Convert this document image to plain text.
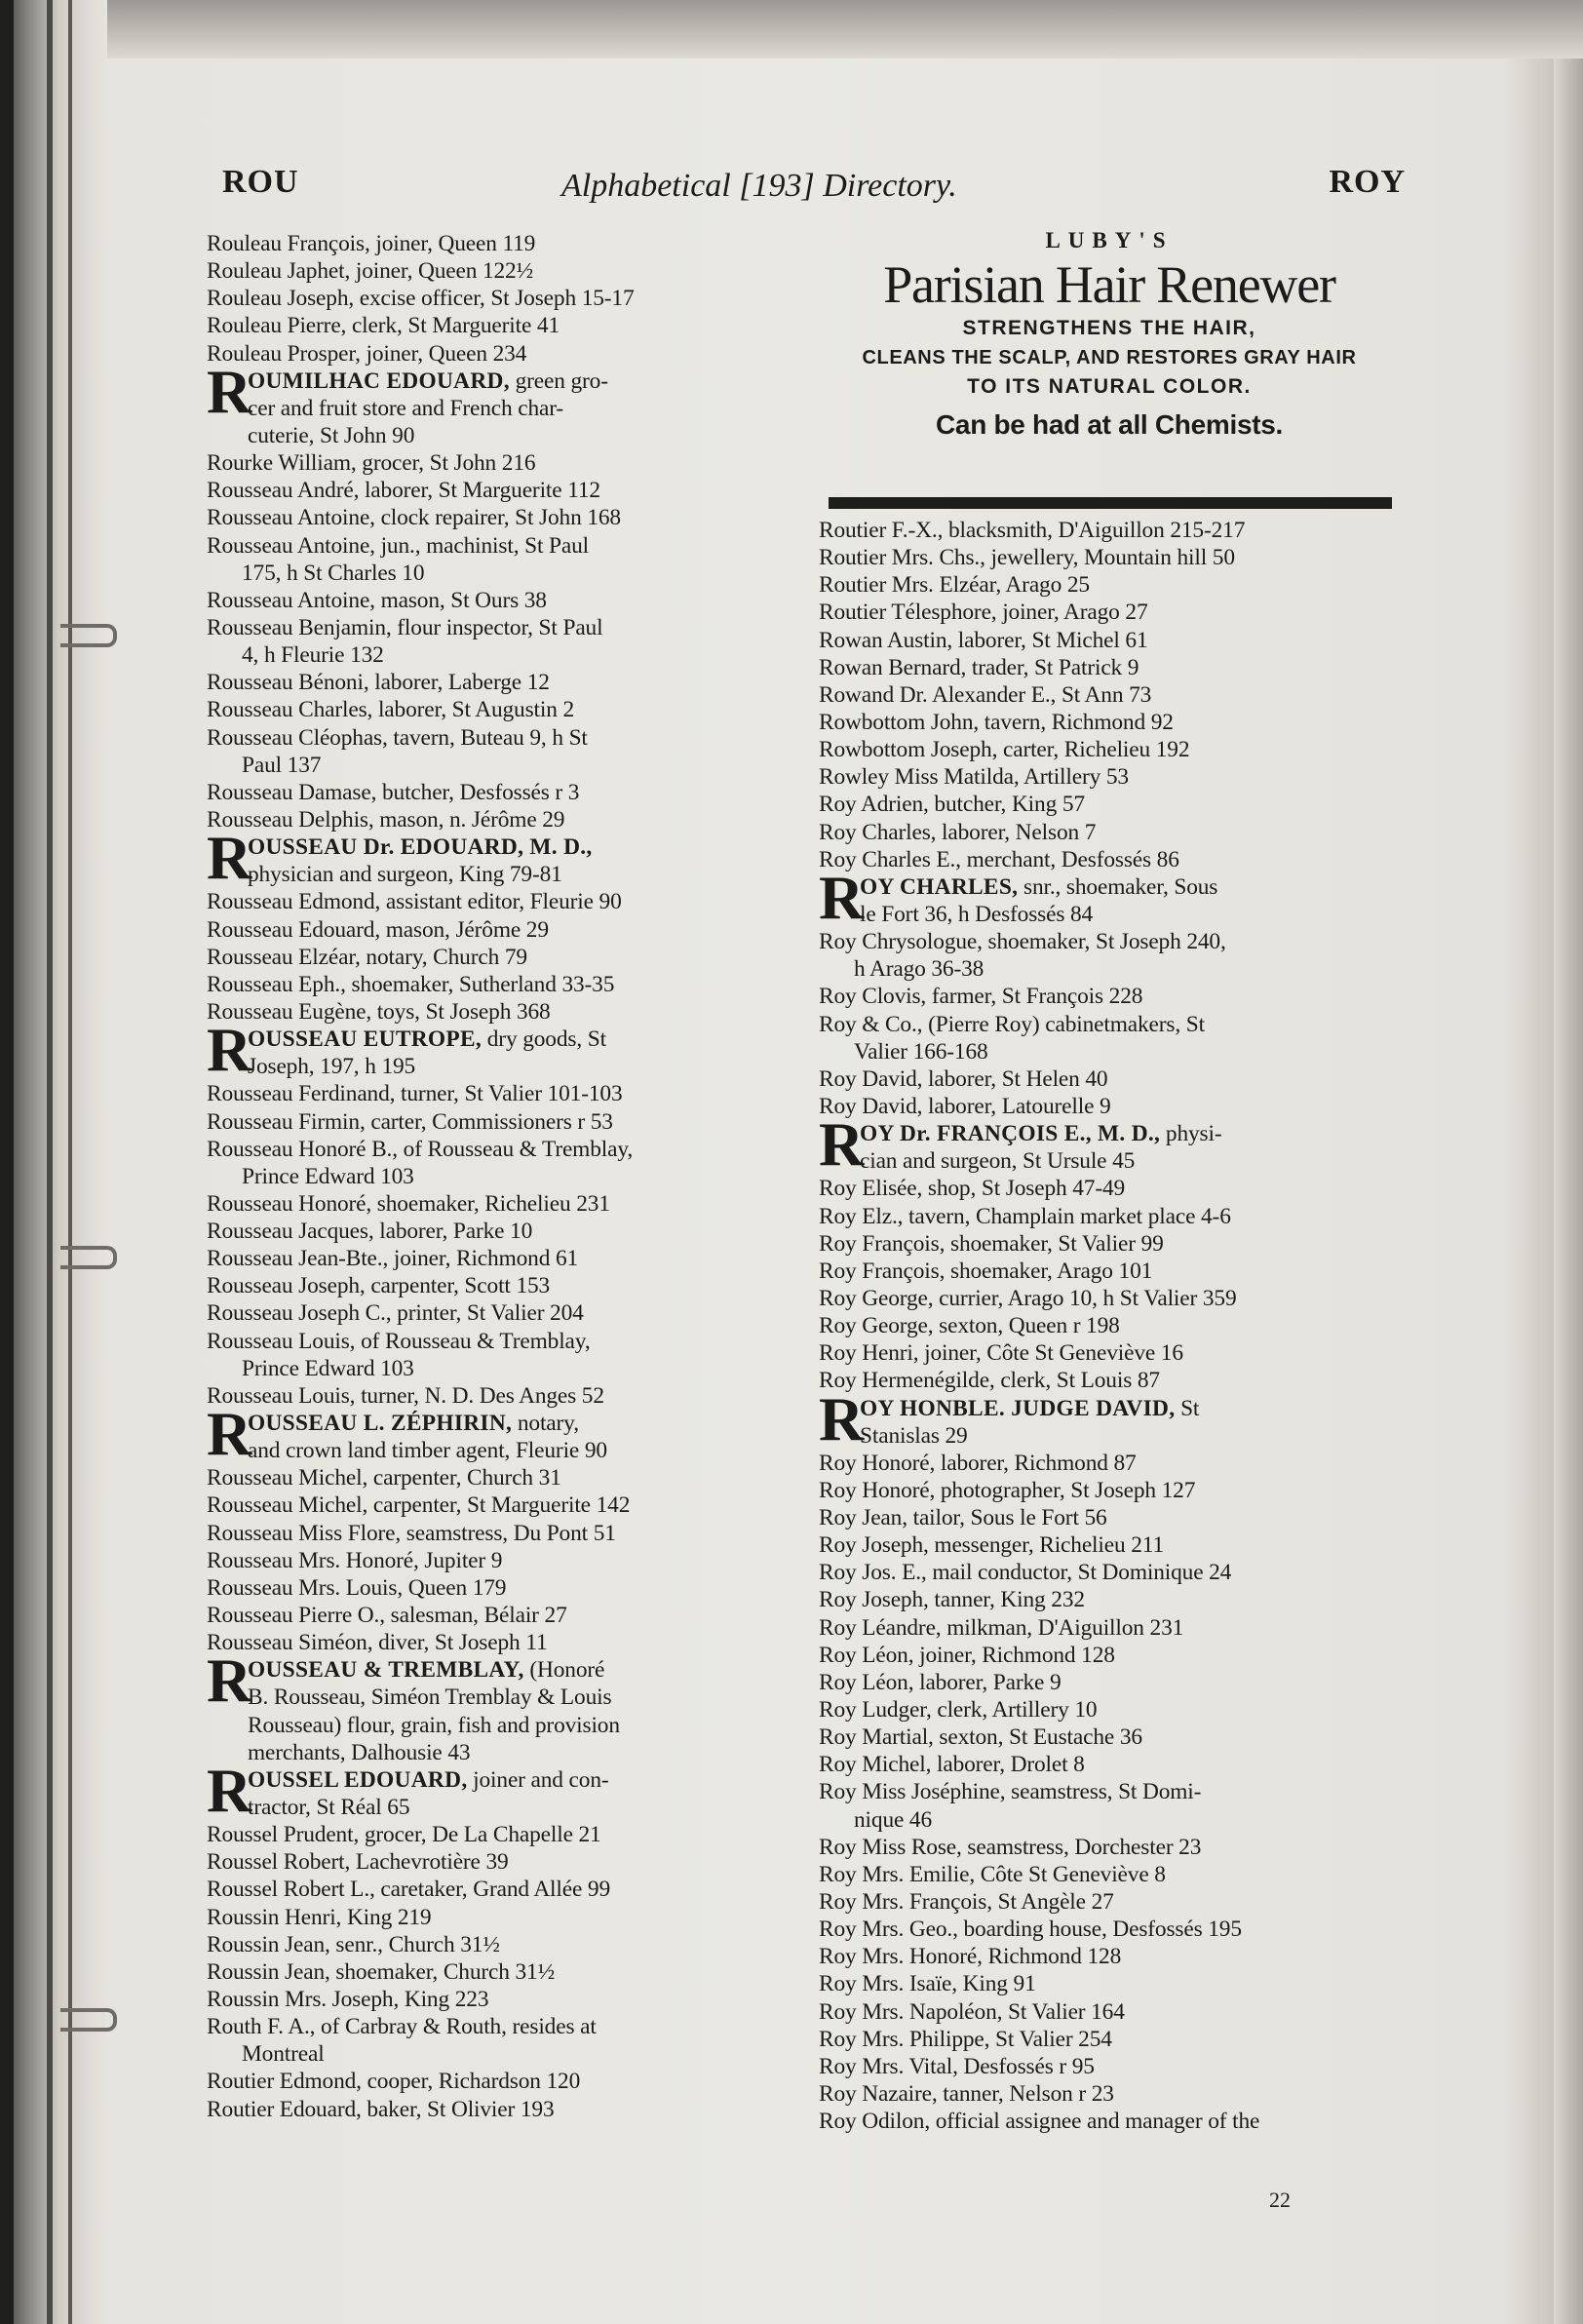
ROU	Alphabetical [193] Directory.	ROY
Rouleau François, joiner, Queen 119
Rouleau Japhet, joiner, Queen 122½
Rouleau Joseph, excise officer, St Joseph 15-17
Rouleau Pierre, clerk, St Marguerite 41
Rouleau Prosper, joiner, Queen 234
R
OUMILHAC EDOUARD, green gro-
cer and fruit store and French char-
cuterie, St John 90
Rourke William, grocer, St John 216
Rousseau André, laborer, St Marguerite 112
Rousseau Antoine, clock repairer, St John 168
Rousseau Antoine, jun., machinist, St Paul
175, h St Charles 10
Rousseau Antoine, mason, St Ours 38
Rousseau Benjamin, flour inspector, St Paul
4, h Fleurie 132
Rousseau Bénoni, laborer, Laberge 12
Rousseau Charles, laborer, St Augustin 2
Rousseau Cléophas, tavern, Buteau 9, h St
Paul 137
Rousseau Damase, butcher, Desfossés r 3
Rousseau Delphis, mason, n. Jérôme 29
R
OUSSEAU Dr. EDOUARD, M. D.,
physician and surgeon, King 79-81
Rousseau Edmond, assistant editor, Fleurie 90
Rousseau Edouard, mason, Jérôme 29
Rousseau Elzéar, notary, Church 79
Rousseau Eph., shoemaker, Sutherland 33-35
Rousseau Eugène, toys, St Joseph 368
R
OUSSEAU EUTROPE, dry goods, St
Joseph, 197, h 195
Rousseau Ferdinand, turner, St Valier 101-103
Rousseau Firmin, carter, Commissioners r 53
Rousseau Honoré B., of Rousseau & Tremblay,
Prince Edward 103
Rousseau Honoré, shoemaker, Richelieu 231
Rousseau Jacques, laborer, Parke 10
Rousseau Jean-Bte., joiner, Richmond 61
Rousseau Joseph, carpenter, Scott 153
Rousseau Joseph C., printer, St Valier 204
Rousseau Louis, of Rousseau & Tremblay,
Prince Edward 103
Rousseau Louis, turner, N. D. Des Anges 52
R
OUSSEAU L. ZÉPHIRIN, notary,
and crown land timber agent, Fleurie 90
Rousseau Michel, carpenter, Church 31
Rousseau Michel, carpenter, St Marguerite 142
Rousseau Miss Flore, seamstress, Du Pont 51
Rousseau Mrs. Honoré, Jupiter 9
Rousseau Mrs. Louis, Queen 179
Rousseau Pierre O., salesman, Bélair 27
Rousseau Siméon, diver, St Joseph 11
R
OUSSEAU & TREMBLAY, (Honoré
B. Rousseau, Siméon Tremblay & Louis
Rousseau) flour, grain, fish and provision
merchants, Dalhousie 43
R
OUSSEL EDOUARD, joiner and con-
tractor, St Réal 65
Roussel Prudent, grocer, De La Chapelle 21
Roussel Robert, Lachevrotière 39
Roussel Robert L., caretaker, Grand Allée 99
Roussin Henri, King 219
Roussin Jean, senr., Church 31½
Roussin Jean, shoemaker, Church 31½
Roussin Mrs. Joseph, King 223
Routh F. A., of Carbray & Routh, resides at
Montreal
Routier Edmond, cooper, Richardson 120
Routier Edouard, baker, St Olivier 193
LUBY'S
Parisian Hair Renewer
STRENGTHENS THE HAIR,
CLEANS THE SCALP, AND RESTORES GRAY HAIR
TO ITS NATURAL COLOR.
Can be had at all Chemists.
Routier F.-X., blacksmith, D'Aiguillon 215-217
Routier Mrs. Chs., jewellery, Mountain hill 50
Routier Mrs. Elzéar, Arago 25
Routier Télesphore, joiner, Arago 27
Rowan Austin, laborer, St Michel 61
Rowan Bernard, trader, St Patrick 9
Rowand Dr. Alexander E., St Ann 73
Rowbottom John, tavern, Richmond 92
Rowbottom Joseph, carter, Richelieu 192
Rowley Miss Matilda, Artillery 53
Roy Adrien, butcher, King 57
Roy Charles, laborer, Nelson 7
Roy Charles E., merchant, Desfossés 86
R
OY CHARLES, snr., shoemaker, Sous
le Fort 36, h Desfossés 84
Roy Chrysologue, shoemaker, St Joseph 240,
h Arago 36-38
Roy Clovis, farmer, St François 228
Roy & Co., (Pierre Roy) cabinetmakers, St
Valier 166-168
Roy David, laborer, St Helen 40
Roy David, laborer, Latourelle 9
R
OY Dr. FRANÇOIS E., M. D., physi-
cian and surgeon, St Ursule 45
Roy Elisée, shop, St Joseph 47-49
Roy Elz., tavern, Champlain market place 4-6
Roy François, shoemaker, St Valier 99
Roy François, shoemaker, Arago 101
Roy George, currier, Arago 10, h St Valier 359
Roy George, sexton, Queen r 198
Roy Henri, joiner, Côte St Geneviève 16
Roy Hermenégilde, clerk, St Louis 87
R
OY HONBLE. JUDGE DAVID, St
Stanislas 29
Roy Honoré, laborer, Richmond 87
Roy Honoré, photographer, St Joseph 127
Roy Jean, tailor, Sous le Fort 56
Roy Joseph, messenger, Richelieu 211
Roy Jos. E., mail conductor, St Dominique 24
Roy Joseph, tanner, King 232
Roy Léandre, milkman, D'Aiguillon 231
Roy Léon, joiner, Richmond 128
Roy Léon, laborer, Parke 9
Roy Ludger, clerk, Artillery 10
Roy Martial, sexton, St Eustache 36
Roy Michel, laborer, Drolet 8
Roy Miss Joséphine, seamstress, St Domi-
nique 46
Roy Miss Rose, seamstress, Dorchester 23
Roy Mrs. Emilie, Côte St Geneviève 8
Roy Mrs. François, St Angèle 27
Roy Mrs. Geo., boarding house, Desfossés 195
Roy Mrs. Honoré, Richmond 128
Roy Mrs. Isaïe, King 91
Roy Mrs. Napoléon, St Valier 164
Roy Mrs. Philippe, St Valier 254
Roy Mrs. Vital, Desfossés r 95
Roy Nazaire, tanner, Nelson r 23
Roy Odilon, official assignee and manager of the
22
